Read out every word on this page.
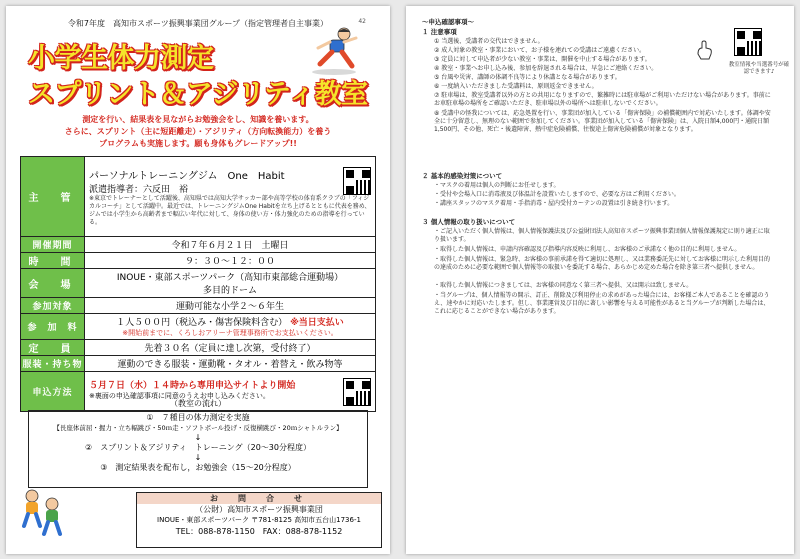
令和7年度　高知市スポーツ振興事業団グループ（指定管理者自主事業）	42
小学生体力測定
スプリント＆アジリティ教室
測定を行い、結果表を見ながらお勉強会をし、知識を養います。
さらに、スプリント（主に短距離走）・アジリティ（方向転換能力）を養う
プログラムも実施します。願も身体もグレードアップ!!
主　管	パーソナルトレーニングジム　One　Habit
派遣指導者：六反田　裕
※東京でトレーナーとして活躍後、高知県では高知大学サッカー部や高等学校の体育系クラブの「フィジカルコーチ」として活躍中。最近では、トレーニングジムOne Habitを立ち上げるとともに代表を務め、ジムでは小学生から高齢者まで幅広い年代に対して、身体の使い方・体力強化のための指導を行っている。

開催期間	令和７年６月２１日　土曜日
時　間	９：３０～１２：００
会　場	INOUE・東部スポーツパーク（高知市東部総合運動場）
多目的ドーム

参加対象	運動可能な小学２～６年生
参　加　料	１人５００円（税込み・傷害保険料含む） ※当日支払い
※開始前までに、くろしおアリーナ管理事務所でお支払いください。

定　員	先着３０名（定員に達し次第，受付終了）
服装・持ち物	運動のできる服装・運動靴・タオル・着替え・飲み物等
申込方法	５月７日（水）１４時から専用申込サイトより開始
※裏面の申込確認事項に同意のうえお申し込みください。
（教室の流れ）
①　７種目の体力測定を実施
【長座体前屈・握力・立ち幅跳び・50ｍ走・ソフトボール投げ・反復横跳び・20ｍシャトルラン】
↓
②　スプリント＆アジリティ　トレーニング（20～30分程度）
↓
③　測定結果表を配布し，お勉強会（15～20分程度）
お　問　合　せ
（公財）高知市スポーツ振興事業団
INOUE・東部スポーツパーク 〒781-8125 高知市五台山1736-1
TEL：088-878-1150　FAX：088-878-1152
～申込確認事項～
教室情報や当選番号が確認できます♪
１ 注意事項
① 当選後、受講者の交代はできません。
② 成人対象の教室・事業において、お子様を連れての受講はご遠慮ください。
③ 定員に対して申込者が少ない教室・事業は、開催を中止する場合があります。
④ 教室・事業へお申し込み後、参加を辞退される場合は、早急にご連絡ください。
⑤ 台風や災害、講師の体調不良等により休講となる場合があります。
⑥ 一度納入いただきました受講料は、原則返金できません。
⑦ 駐車場は、教室受講者以外の方との共用になりますので、繁雑時には駐車場がご利用いただけない場合があります。事前にお車駐車場の場所をご確認いただき、駐車場以外の場所へは駐車しないでください。
⑧ 受講中の怪我については、応急処置を行い、事業団が加入している「傷害保険」の補償範囲内で対応いたします。体調や安全に十分留意し、無理のない範囲で参加してください。事業団が加入している「傷害保険」は、入院日額4,000円・通院日額1,500円、その他、死亡・後遺障害、熱中症危険補償、往復途上傷害危険補償が対象となります。
２ 基本的感染対策について
・マスクの着用は個人の判断にお任せします。
・受付や会場入口に消毒液及び体温計を設置いたしますので、必要な方はご利用ください。
・講座スタッフのマスク着用・手指消毒・屋内受付カーテンの設置は引き続き行います。
３ 個人情報の取り扱いについて
・ご記入いただく個人情報は、個人情報保護法及び公益財団法人高知市スポーツ振興事業団個人情報保護規定に則り適正に取り扱います。
・取得した個人情報は、申請内容確認及び指導内容反映に利用し、お客様のご承諾なく他の目的に利用しません。
・取得した個人情報は、緊急時、お客様の事前承諾を得て適切に処理し、又は業務委託先に対してお客様に明示した利用目的の達成のために必要な範囲で個人情報等の取扱いを委託する場合、あらかじめ定めた場合を除き第三者へ提供しません。
・取得した個人情報につきましては、お客様の同意なく第三者へ提供、又は開示は致しません。
・当グループは、個人情報等の開示、訂正、削除及び利用停止の求めがあった場合には、お客様ご本人であることを確認のうえ、速やかに対応いたします。但し、事業運営及び目的に著しい影響を与える可能性があると当グループが判断した場合は、これに応じることができない場合があります。
